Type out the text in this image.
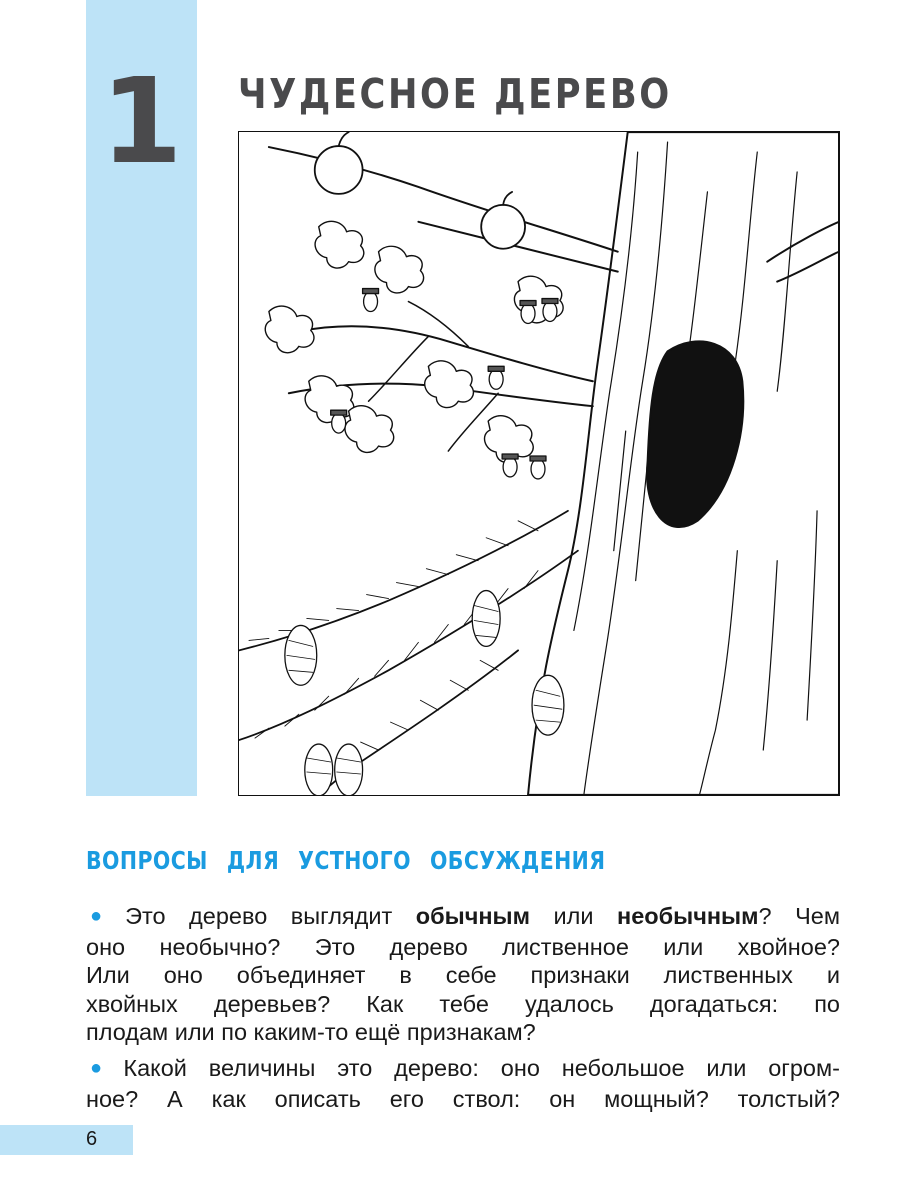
1	ЧУДЕСНОЕ ДЕРЕВО
ВОПРОСЫ ДЛЯ УСТНОГО ОБСУЖДЕНИЯ
● Это дерево выглядит обычным или необычным? Чем
оно необычно? Это дерево лиственное или хвойное?
Или оно объединяет в себе признаки лиственных и
хвойных деревьев? Как тебе удалось догадаться: по
плодам или по каким-то ещё признакам?
● Какой величины это дерево: оно небольшое или огром-
ное? А как описать его ствол: он мощный? толстый?
6
